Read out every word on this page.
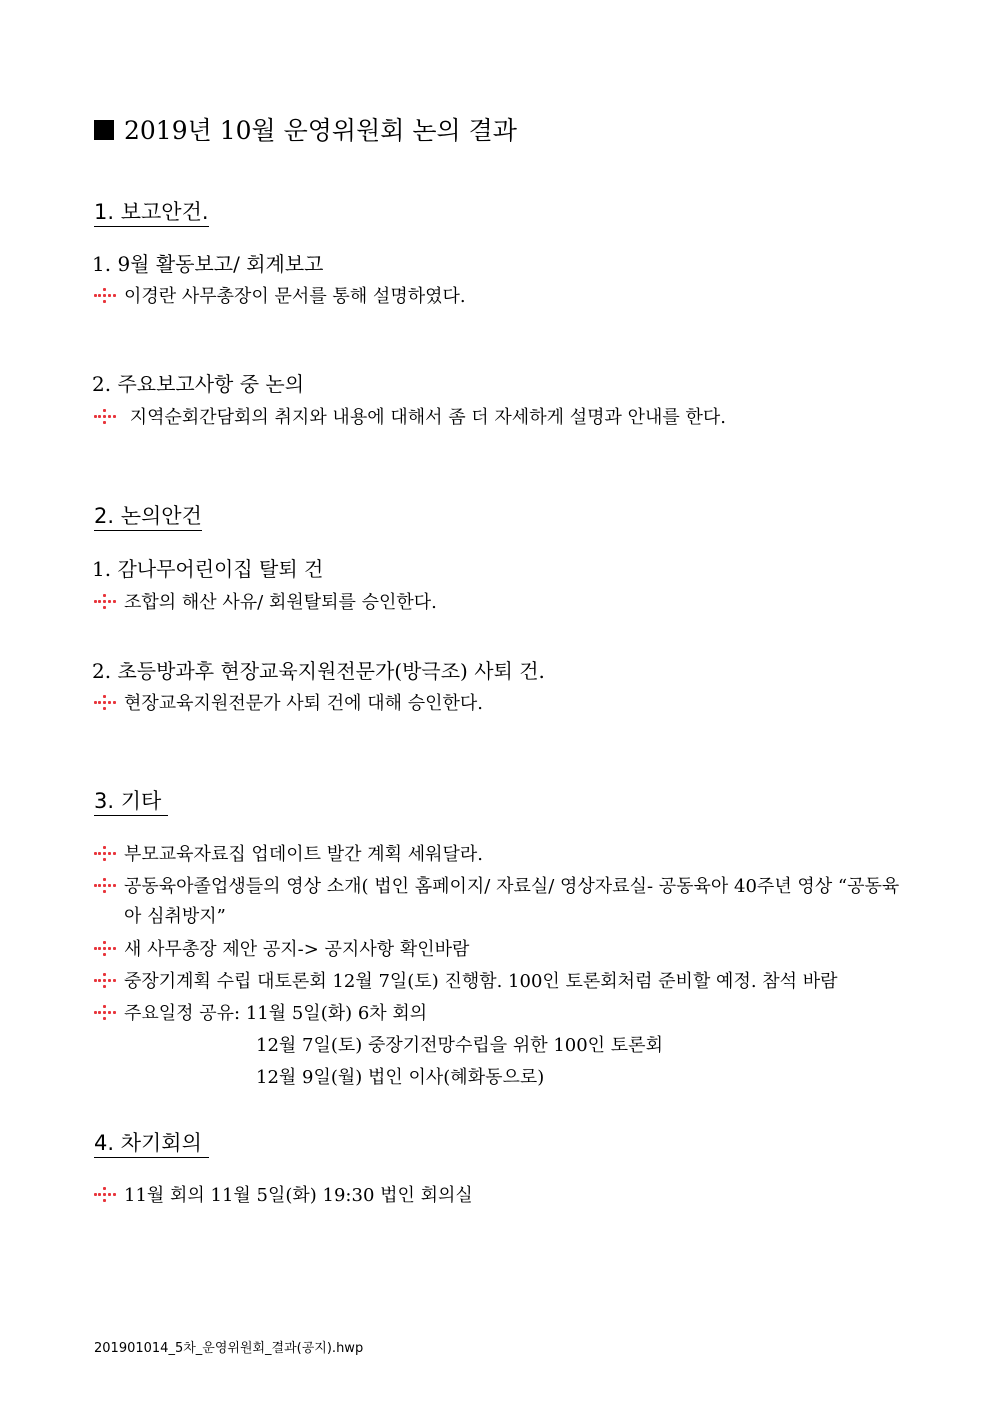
2019년 10월 운영위원회 논의 결과
1. 보고안건.
1. 9월 활동보고/ 회계보고
이경란 사무총장이 문서를 통해 설명하였다.
2. 주요보고사항 중 논의
지역순회간담회의 취지와 내용에 대해서 좀 더 자세하게 설명과 안내를 한다.
2. 논의안건
1. 감나무어린이집 탈퇴 건
조합의 해산 사유/ 회원탈퇴를 승인한다.
2. 초등방과후 현장교육지원전문가(방극조) 사퇴 건.
현장교육지원전문가 사퇴 건에 대해 승인한다.
3. 기타
부모교육자료집 업데이트 발간 계획 세워달라.
공동육아졸업생들의 영상 소개( 법인 홈페이지/ 자료실/ 영상자료실- 공동육아 40주년 영상 “공동육아 심취방지”
새 사무총장 제안 공지-> 공지사항 확인바람
중장기계획 수립 대토론회 12월 7일(토) 진행함. 100인 토론회처럼 준비할 예정. 참석 바람
주요일정 공유: 11월 5일(화) 6차 회의
12월 7일(토) 중장기전망수립을 위한 100인 토론회
12월 9일(월) 법인 이사(혜화동으로)
4. 차기회의
11월 회의 11월 5일(화) 19:30 법인 회의실
201901014_5차_운영위원회_결과(공지).hwp
